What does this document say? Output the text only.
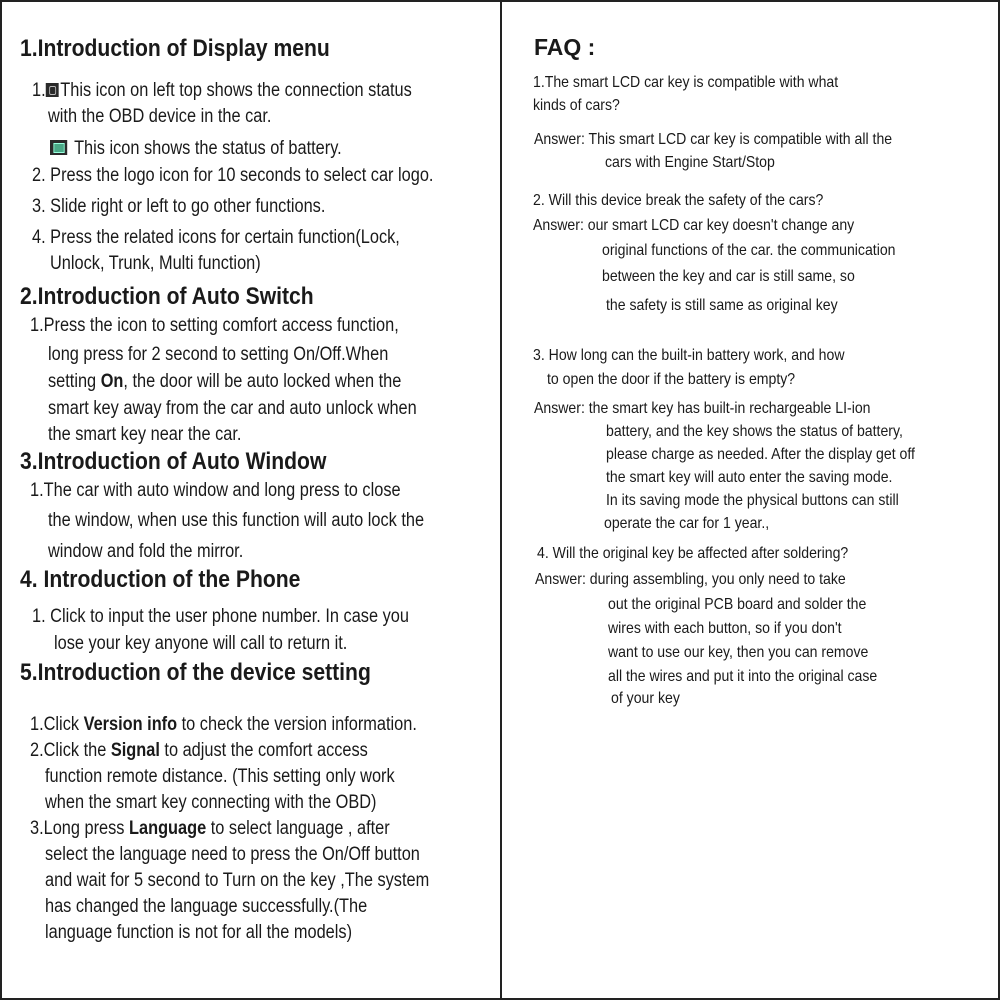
1.Introduction of Display menu
1. This icon on left top shows the connection status
with the OBD device in the car.
This icon shows the status of battery.
2. Press the logo icon for 10 seconds to select car logo.
3. Slide right or left to go other functions.
4. Press the related icons for certain function(Lock,
Unlock, Trunk, Multi function)
2.Introduction of Auto Switch
1.Press the icon to setting comfort access function,
long press for 2 second to setting On/Off.When
setting On, the door will be auto locked when the
smart key away from the car and auto unlock when
the smart key near the car.
3.Introduction of Auto Window
1.The car with auto window and long press to close
the window, when use this function will auto lock the
window and fold the mirror.
4. Introduction of the Phone
1. Click to input the user phone number. In case you
lose your key anyone will call to return it.
5.Introduction of the device setting
1.Click Version info to check the version information.
2.Click the Signal to adjust the comfort access
function remote distance. (This setting only work
when the smart key connecting with the OBD)
3.Long press Language to select language , after
select the language need to press the On/Off button
and wait for 5 second to Turn on the key ,The system
has changed the language successfully.(The
language function is not for all the models)
FAQ :
1.The smart LCD car key is compatible with what
kinds of cars?
Answer: This smart LCD car key is compatible with all the
cars with Engine Start/Stop
2. Will this device break the safety of the cars?
Answer: our smart LCD car key doesn't change any
original functions of the car. the communication
between the key and car is still same, so
the safety is still same as original key
3. How long can the built-in battery work, and how
to open the door if the battery is empty?
Answer: the smart key has built-in rechargeable LI-ion
battery, and the key shows the status of battery,
please charge as needed. After the display get off
the smart key will auto enter the saving mode.
In its saving mode the physical buttons can still
operate the car for 1 year.,
4. Will the original key be affected after soldering?
Answer: during assembling, you only need to take
out the original PCB board and solder the
wires with each button, so if you don't
want to use our key, then you can remove
all the wires and put it into the original case
of your key
